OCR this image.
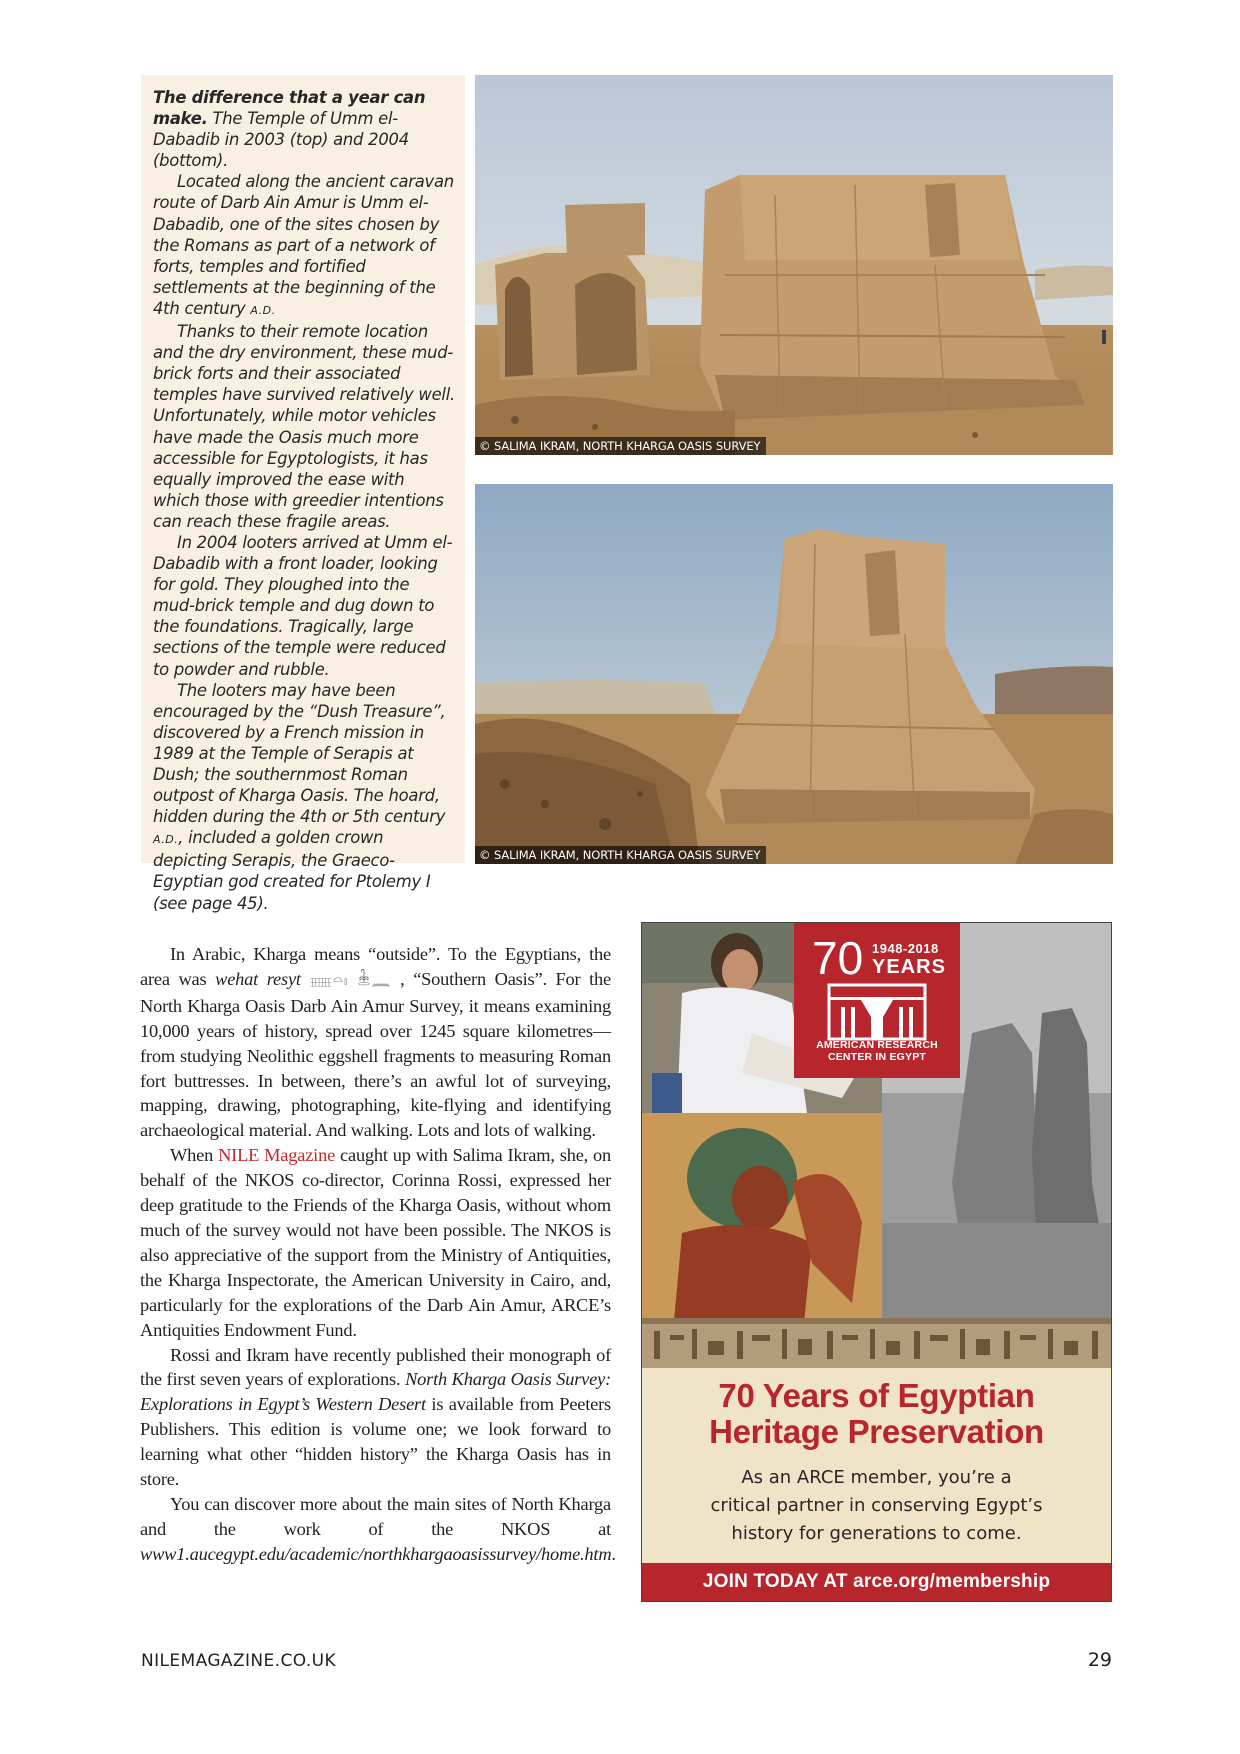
The difference that a year can make. The Temple of Umm el-Dabadib in 2003 (top) and 2004 (bottom).

Located along the ancient caravan route of Darb Ain Amur is Umm el-Dabadib, one of the sites chosen by the Romans as part of a network of forts, temples and fortified settlements at the beginning of the 4th century A.D.

Thanks to their remote location and the dry environment, these mud-brick forts and their associated temples have survived relatively well. Unfortunately, while motor vehicles have made the Oasis much more accessible for Egyptologists, it has equally improved the ease with which those with greedier intentions can reach these fragile areas.

In 2004 looters arrived at Umm el-Dabadib with a front loader, looking for gold. They ploughed into the mud-brick temple and dug down to the foundations. Tragically, large sections of the temple were reduced to powder and rubble.

The looters may have been encouraged by the “Dush Treasure”, discovered by a French mission in 1989 at the Temple of Serapis at Dush; the southernmost Roman outpost of Kharga Oasis. The hoard, hidden during the 4th or 5th century A.D., included a golden crown depicting Serapis, the Graeco-Egyptian god created for Ptolemy I (see page 45).

© SALIMA IKRAM, NORTH KHARGA OASIS SURVEY
© SALIMA IKRAM, NORTH KHARGA OASIS SURVEY

In Arabic, Kharga means “outside”. To the Egyptians, the area was wehat resyt 𓈈𓏏𓏤 𓇔𓈖 , “Southern Oasis”. For the North Kharga Oasis Darb Ain Amur Survey, it means examining 10,000 years of history, spread over 1245 square kilometres—from studying Neolithic eggshell fragments to measuring Roman fort buttresses. In between, there’s an awful lot of surveying, mapping, drawing, photographing, kite-flying and identifying archaeological material. And walking. Lots and lots of walking.

When NILE Magazine caught up with Salima Ikram, she, on behalf of the NKOS co-director, Corinna Rossi, expressed her deep gratitude to the Friends of the Kharga Oasis, without whom much of the survey would not have been possible. The NKOS is also appreciative of the support from the Ministry of Antiquities, the Kharga Inspectorate, the American University in Cairo, and, particularly for the explorations of the Darb Ain Amur, ARCE’s Antiquities Endowment Fund.

Rossi and Ikram have recently published their monograph of the first seven years of explorations. North Kharga Oasis Survey: Explorations in Egypt’s Western Desert is available from Peeters Publishers. This edition is volume one; we look forward to learning what other “hidden history” the Kharga Oasis has in store.

You can discover more about the main sites of North Kharga and the work of the NKOS at www1.aucegypt.edu/academic/northkhargaoasissurvey/home.htm.

70 1948-2018
YEARS
AMERICAN RESEARCH
CENTER IN EGYPT
70 Years of Egyptian
Heritage Preservation
As an ARCE member, you’re a
critical partner in conserving Egypt’s
history for generations to come.
JOIN TODAY AT arce.org/membership
NILEMAGAZINE.CO.UK	29
